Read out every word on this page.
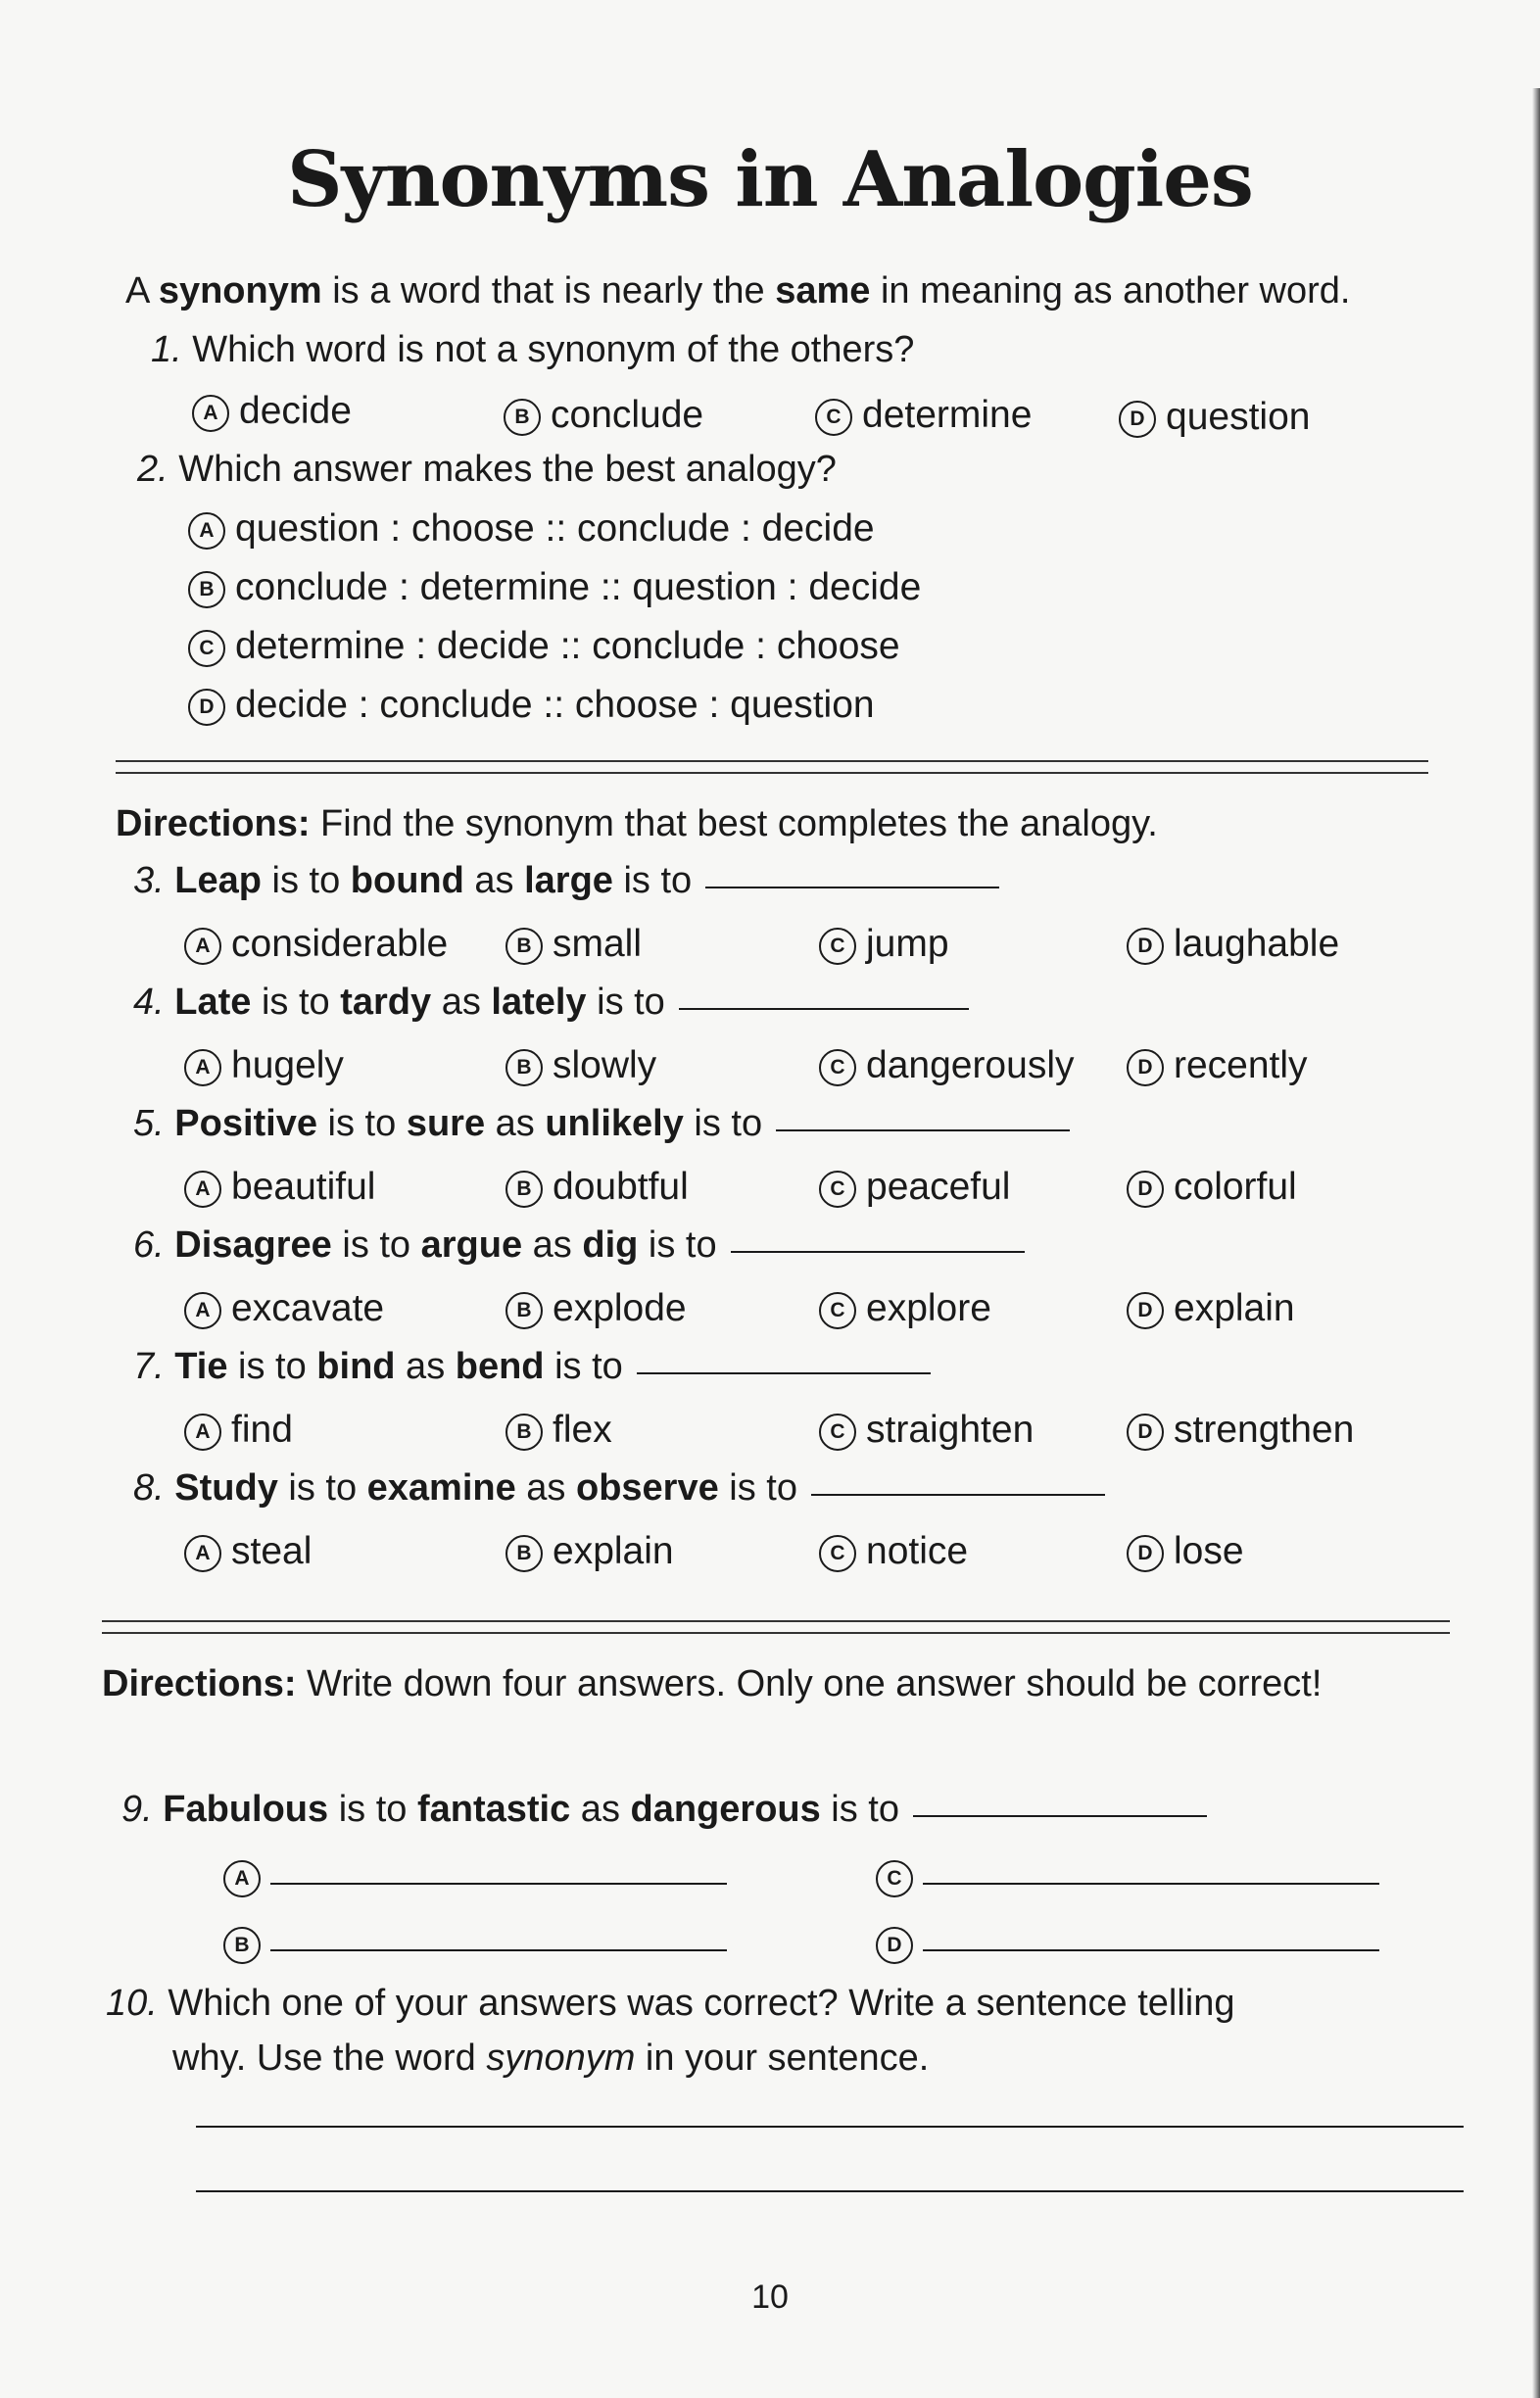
Synonyms in Analogies
A synonym is a word that is nearly the same in meaning as another word.
1. Which word is not a synonym of the others?
A decide	B conclude	C determine	D question
2. Which answer makes the best analogy?
A question : choose :: conclude : decide
B conclude : determine :: question : decide
C determine : decide :: conclude : choose
D decide : conclude :: choose : question
Directions: Find the synonym that best completes the analogy.
3. Leap is to bound as large is to
A considerable	B small	C jump	D laughable
4. Late is to tardy as lately is to
A hugely	B slowly	C dangerously	D recently
5. Positive is to sure as unlikely is to
A beautiful	B doubtful	C peaceful	D colorful
6. Disagree is to argue as dig is to
A excavate	B explode	C explore	D explain
7. Tie is to bind as bend is to
A find	B flex	C straighten	D strengthen
8. Study is to examine as observe is to
A steal	B explain	C notice	D lose
Directions: Write down four answers. Only one answer should be correct!
9. Fabulous is to fantastic as dangerous is to
A
B
C
D
10. Which one of your answers was correct? Write a sentence telling
why. Use the word synonym in your sentence.
10
